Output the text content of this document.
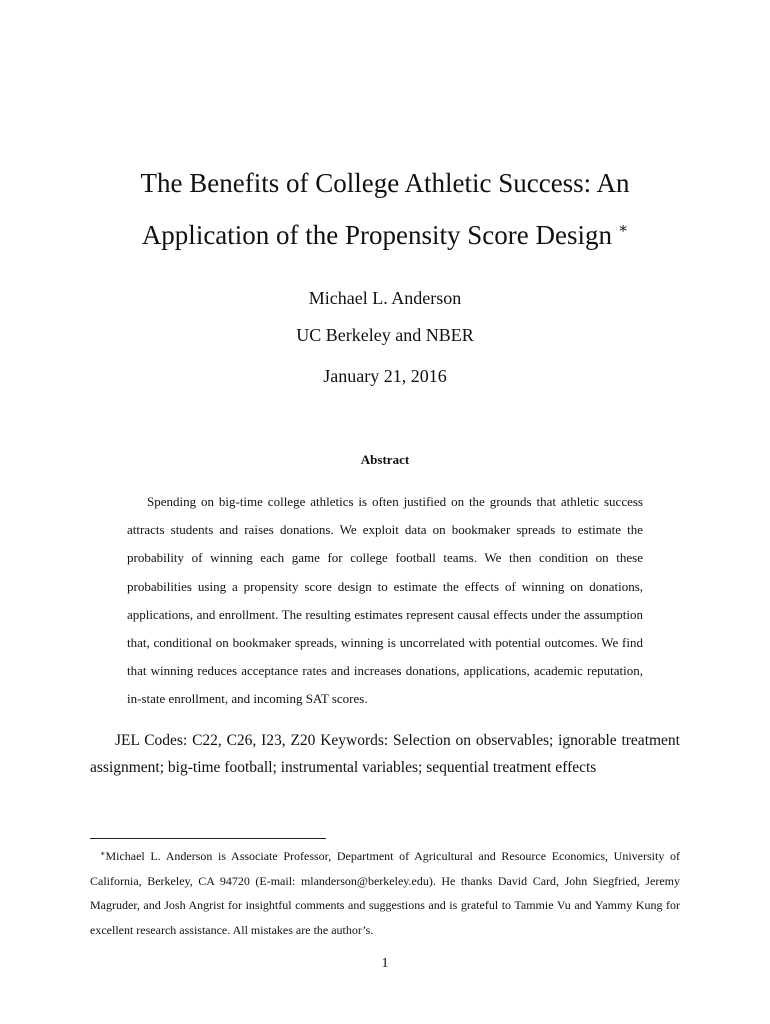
The Benefits of College Athletic Success: An
Application of the Propensity Score Design ∗
Michael L. Anderson
UC Berkeley and NBER
January 21, 2016
Abstract

Spending on big-time college athletics is often justified on the grounds that athletic success attracts students and raises donations. We exploit data on bookmaker spreads to estimate the probability of winning each game for college football teams. We then condition on these probabilities using a propensity score design to estimate the effects of winning on donations, applications, and enrollment. The resulting estimates represent causal effects under the assumption that, conditional on bookmaker spreads, winning is uncorrelated with potential outcomes. We find that winning reduces acceptance rates and increases donations, applications, academic reputation, in-state enrollment, and incoming SAT scores.

JEL Codes: C22, C26, I23, Z20 Keywords: Selection on observables; ignorable treatment assignment; big-time football; instrumental variables; sequential treatment effects

∗Michael L. Anderson is Associate Professor, Department of Agricultural and Resource Economics, University of California, Berkeley, CA 94720 (E-mail: mlanderson@berkeley.edu). He thanks David Card, John Siegfried, Jeremy Magruder, and Josh Angrist for insightful comments and suggestions and is grateful to Tammie Vu and Yammy Kung for excellent research assistance. All mistakes are the author’s.

1
